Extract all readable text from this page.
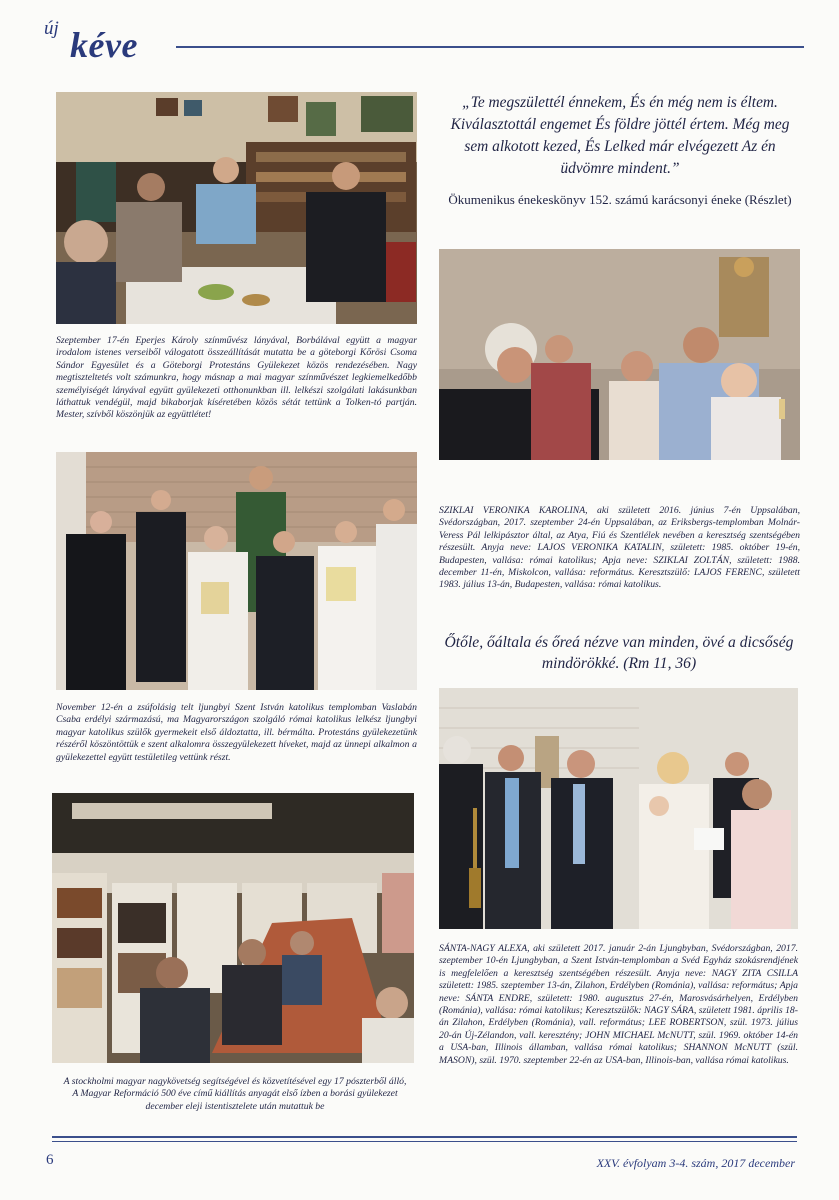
új kéve
Szeptember 17-én Eperjes Károly színművész lányával, Borbálával együtt a magyar irodalom istenes verseiből válogatott összeállítását mutatta be a göteborgi Kőrösi Csoma Sándor Egyesület és a Göteborgi Protestáns Gyülekezet közös rendezésében. Nagy megtiszteltetés volt számunkra, hogy másnap a mai magyar színművészet legkiemelkedőbb személyiségét lányával együtt gyülekezeti otthonunkban ill. lelkészi szolgálati lakásunkban láthattuk vendégül, majd bikaborjak kíséretében közös sétát tettünk a Tolken-tó partján. Mester, szívből köszönjük az együttlétet!
November 12-én a zsúfolásig telt ljungbyi Szent István katolikus templomban Vaslabán Csaba erdélyi származású, ma Magyarországon szolgáló római katolikus lelkész ljungbyi magyar katolikus szülők gyermekeit első áldoztatta, ill. bérmálta. Protestáns gyülekezetünk részéről köszöntöttük e szent alkalomra összegyülekezett híveket, majd az ünnepi alkalmon a gyülekezettel együtt testületileg vettünk részt.
A stockholmi magyar nagykövetség segítségével és közvetítésével egy 17 pószterből álló, A Magyar Reformáció 500 éve című kiállítás anyagát első ízben a borási gyülekezet december eleji istentisztelete után mutattuk be
„Te megszülettél énnekem, És én még nem is éltem. Kiválasztottál engemet És földre jöttél értem. Még meg sem alkotott kezed, És Lelked már elvégezett Az én üdvömre mindent.”
Ökumenikus énekeskönyv 152. számú karácsonyi éneke (Részlet)
SZIKLAI VERONIKA KAROLINA, aki született 2016. június 7-én Uppsalában, Svédországban, 2017. szeptember 24-én Uppsalában, az Eriksbergs-templomban Molnár-Veress Pál lelkipásztor által, az Atya, Fiú és Szentlélek nevében a keresztség szentségében részesült. Anyja neve: LAJOS VERONIKA KATALIN, született: 1985. október 19-én, Budapesten, vallása: római katolikus; Apja neve: SZIKLAI ZOLTÁN, született: 1988. december 11-én, Miskolcon, vallása: református. Keresztszülő: LAJOS FERENC, született 1983. július 13-án, Budapesten, vallása: római katolikus.
Őtőle, őáltala és őreá nézve van minden, övé a dicsőség mindörökké. (Rm 11, 36)
SÁNTA-NAGY ALEXA, aki született 2017. január 2-án Ljungbyban, Svédországban, 2017. szeptember 10-én Ljungbyban, a Szent István-templomban a Svéd Egyház szokásrendjének is megfelelően a keresztség szentségében részesült. Anyja neve: NAGY ZITA CSILLA született: 1985. szeptember 13-án, Zilahon, Erdélyben (Románia), vallása: református; Apja neve: SÁNTA ENDRE, született: 1980. augusztus 27-én, Marosvásárhelyen, Erdélyben (Románia), vallása: római katolikus; Keresztszülők: NAGY SÁRA, született 1981. április 18-án Zilahon, Erdélyben (Románia), vall. református; LEE ROBERTSON, szül. 1973. július 20-án Új-Zélandon, vall. keresztény; JOHN MICHAEL McNUTT, szül. 1969. október 14-én a USA-ban, Illinois államban, vallása római katolikus; SHANNON McNUTT (szül. MASON), szül. 1970. szeptember 22-én az USA-ban, Illinois-ban, vallása római katolikus.
6	XXV. évfolyam 3-4. szám, 2017 december
